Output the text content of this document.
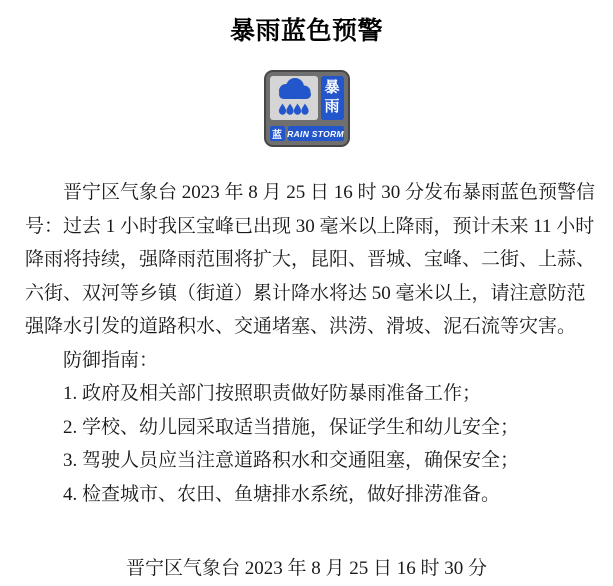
暴雨蓝色预警
暴
雨
蓝 RAIN STORM
晋宁区气象台 2023 年 8 月 25 日 16 时 30 分发布暴雨蓝色预警信
号：过去 1 小时我区宝峰已出现 30 毫米以上降雨，预计未来 11 小时
降雨将持续，强降雨范围将扩大，昆阳、晋城、宝峰、二街、上蒜、
六街、双河等乡镇（街道）累计降水将达 50 毫米以上，请注意防范
强降水引发的道路积水、交通堵塞、洪涝、滑坡、泥石流等灾害。
防御指南：
1. 政府及相关部门按照职责做好防暴雨准备工作；
2. 学校、幼儿园采取适当措施，保证学生和幼儿安全；
3. 驾驶人员应当注意道路积水和交通阻塞，确保安全；
4. 检查城市、农田、鱼塘排水系统，做好排涝准备。
晋宁区气象台 2023 年 8 月 25 日 16 时 30 分
